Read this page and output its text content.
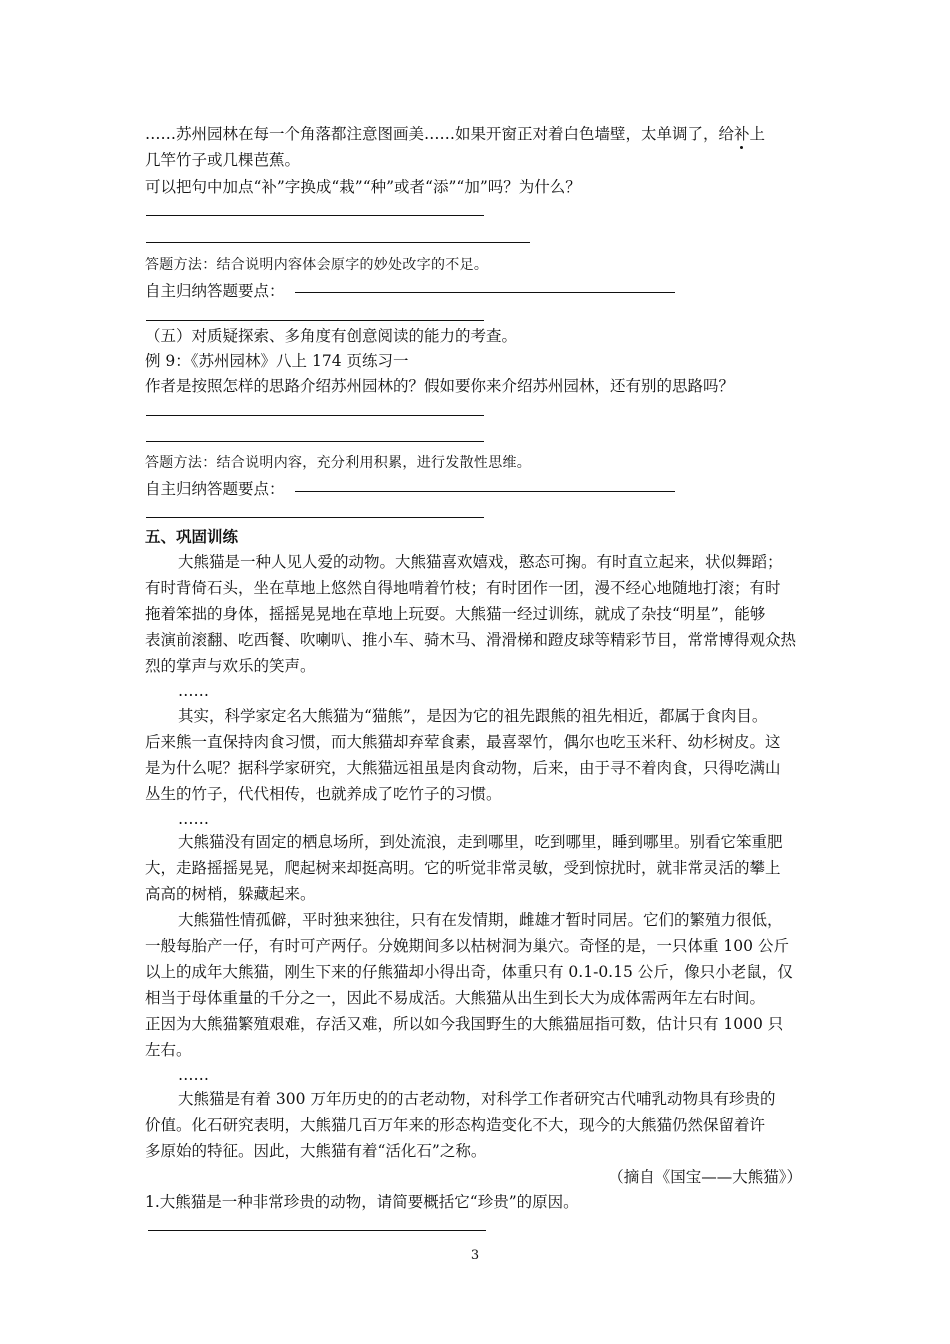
……苏州园林在每一个角落都注意图画美……如果开窗正对着白色墙壁，太单调了，给补上
几竿竹子或几棵芭蕉。
可以把句中加点“补”字换成“栽”“种”或者“添”“加”吗？为什么？
答题方法：结合说明内容体会原字的妙处改字的不足。
自主归纳答题要点：
（五）对质疑探索、多角度有创意阅读的能力的考查。
例 9：《苏州园林》八上 174 页练习一
作者是按照怎样的思路介绍苏州园林的？假如要你来介绍苏州园林，还有别的思路吗？
答题方法：结合说明内容，充分利用积累，进行发散性思维。
自主归纳答题要点：
五、巩固训练
大熊猫是一种人见人爱的动物。大熊猫喜欢嬉戏，憨态可掬。有时直立起来，状似舞蹈；
有时背倚石头，坐在草地上悠然自得地啃着竹枝；有时团作一团，漫不经心地随地打滚；有时
拖着笨拙的身体，摇摇晃晃地在草地上玩耍。大熊猫一经过训练，就成了杂技“明星”，能够
表演前滚翻、吃西餐、吹喇叭、推小车、骑木马、滑滑梯和蹬皮球等精彩节目，常常博得观众热
烈的掌声与欢乐的笑声。
……
其实，科学家定名大熊猫为“猫熊”，是因为它的祖先跟熊的祖先相近，都属于食肉目。
后来熊一直保持肉食习惯，而大熊猫却弃荤食素，最喜翠竹，偶尔也吃玉米秆、幼杉树皮。这
是为什么呢？据科学家研究，大熊猫远祖虽是肉食动物，后来，由于寻不着肉食，只得吃满山
丛生的竹子，代代相传，也就养成了吃竹子的习惯。
……
大熊猫没有固定的栖息场所，到处流浪，走到哪里，吃到哪里，睡到哪里。别看它笨重肥
大，走路摇摇晃晃，爬起树来却挺高明。它的听觉非常灵敏，受到惊扰时，就非常灵活的攀上
高高的树梢，躲藏起来。
大熊猫性情孤僻，平时独来独往，只有在发情期，雌雄才暂时同居。它们的繁殖力很低，
一般每胎产一仔，有时可产两仔。分娩期间多以枯树洞为巢穴。奇怪的是，一只体重 100 公斤
以上的成年大熊猫，刚生下来的仔熊猫却小得出奇，体重只有 0.1-0.15 公斤，像只小老鼠，仅
相当于母体重量的千分之一，因此不易成活。大熊猫从出生到长大为成体需两年左右时间。
正因为大熊猫繁殖艰难，存活又难，所以如今我国野生的大熊猫屈指可数，估计只有 1000 只
左右。
……
大熊猫是有着 300 万年历史的的古老动物，对科学工作者研究古代哺乳动物具有珍贵的
价值。化石研究表明，大熊猫几百万年来的形态构造变化不大，现今的大熊猫仍然保留着许
多原始的特征。因此，大熊猫有着“活化石”之称。
（摘自《国宝——大熊猫》）
1.大熊猫是一种非常珍贵的动物，请简要概括它“珍贵”的原因。
3
